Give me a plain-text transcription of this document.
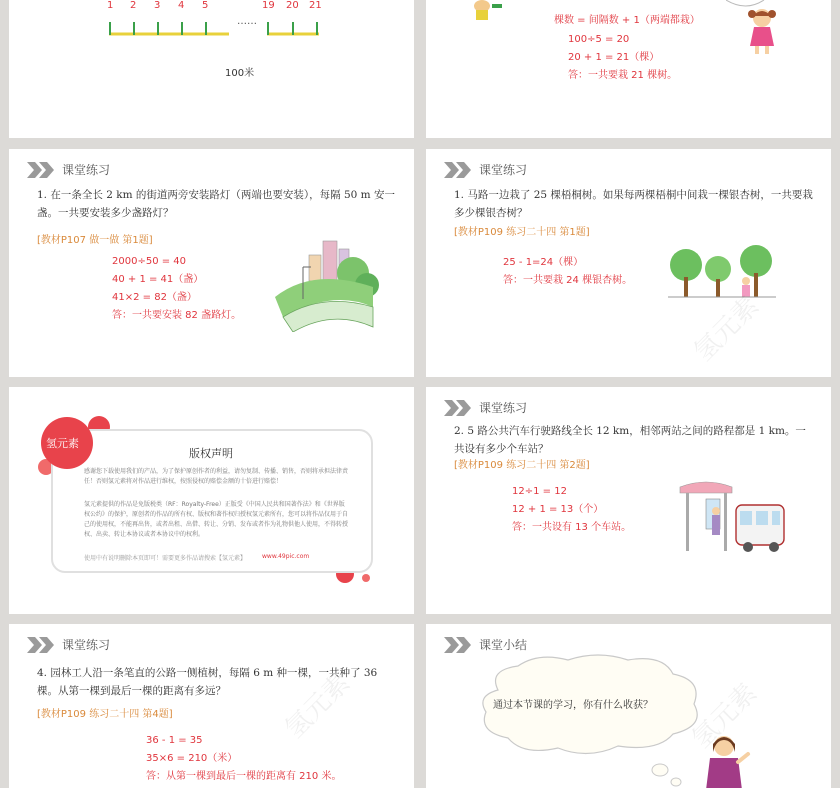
1 2 3 4 5
……
19 20 21
100米
棵数 = 间隔数 + 1（两端都栽）
100÷5 = 20
20 + 1 = 21（棵）
答：一共要栽 21 棵树。
课堂练习
1. 在一条全长 2 km 的街道两旁安装路灯（两端也要安装），每隔 50 m 安一盏。一共要安装多少盏路灯？
[教材P107 做一做 第1题]
2000÷50 = 40
40 + 1 = 41（盏）
41×2 = 82（盏）
答：一共要安装 82 盏路灯。
课堂练习
1. 马路一边栽了 25 棵梧桐树。如果每两棵梧桐中间栽一棵银杏树，一共要栽多少棵银杏树？
[教材P109 练习二十四 第1题]
25 - 1=24（棵）
答：一共要栽 24 棵银杏树。
氢元素
氢元素
版权声明
感谢您下载使用我们的产品，为了保护原创作者的利益，请勿复制、传播、销售，否则将承担法律责任！否则氢元素将对作品进行维权，按照侵权的赔偿金额的十倍进行赔偿！
氢元素提供的作品是免版税类（RF：Royalty-Free）正版受《中国人民共和国著作法》和《世界版权公约》的保护，原创者的作品的所有权、版权和著作权归授权氢元素所有，您可以将作品仅用于自己的使用权，不能再出售，或者出租、出借、转让、分销、发布或者作为礼物供他人使用，不得转授权、出卖、转让本协议或者本协议中的权利。
使用中有说明删除本页即可！需要更多作品请搜索【氢元素】	www.49pic.com
课堂练习
2. 5 路公共汽车行驶路线全长 12 km，相邻两站之间的路程都是 1 km。一共设有多少个车站？
[教材P109 练习二十四 第2题]
12÷1 = 12
12 + 1 = 13（个）
答：一共设有 13 个车站。
课堂练习
4. 园林工人沿一条笔直的公路一侧植树，每隔 6 m 种一棵，一共种了 36 棵。从第一棵到最后一棵的距离有多远？
[教材P109 练习二十四 第4题]
36 - 1 = 35
35×6 = 210（米）
答：从第一棵到最后一棵的距离有 210 米。
氢元素
课堂小结
通过本节课的学习，你有什么收获？ 氢元素
